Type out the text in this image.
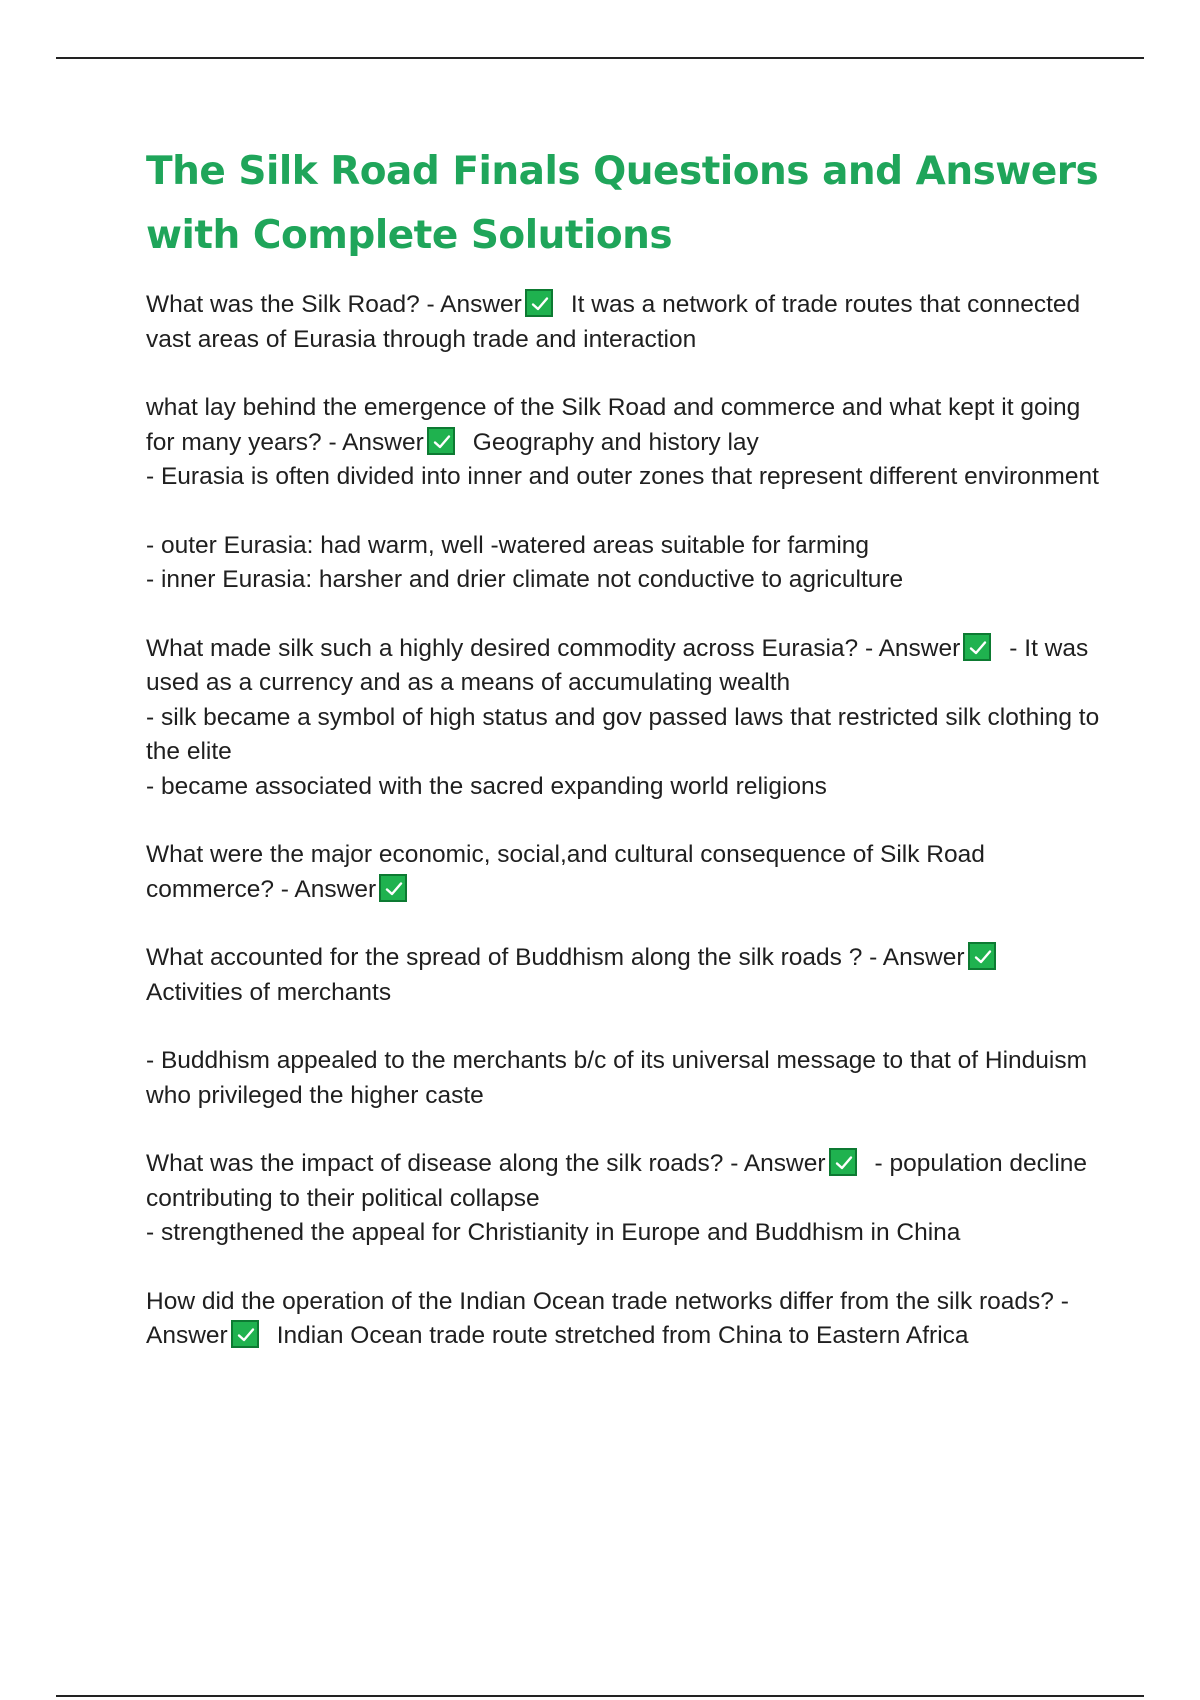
The Silk Road Finals Questions and Answers with Complete Solutions
What was the Silk Road? - Answer It was a network of trade routes that connected vast areas of Eurasia through trade and interaction
what lay behind the emergence of the Silk Road and commerce and what kept it going for many years? - Answer Geography and history lay
- Eurasia is often divided into inner and outer zones that represent different environment
- outer Eurasia: had warm, well -watered areas suitable for farming
- inner Eurasia: harsher and drier climate not conductive to agriculture
What made silk such a highly desired commodity across Eurasia? - Answer - It was used as a currency and as a means of accumulating wealth
- silk became a symbol of high status and gov passed laws that restricted silk clothing to the elite
- became associated with the sacred expanding world religions
What were the major economic, social,and cultural consequence of Silk Road commerce? - Answer
What accounted for the spread of Buddhism along the silk roads ? - Answer
Activities of merchants
- Buddhism appealed to the merchants b/c of its universal message to that of Hinduism who privileged the higher caste
What was the impact of disease along the silk roads? - Answer - population decline contributing to their political collapse
- strengthened the appeal for Christianity in Europe and Buddhism in China
How did the operation of the Indian Ocean trade networks differ from the silk roads? - Answer Indian Ocean trade route stretched from China to Eastern Africa
